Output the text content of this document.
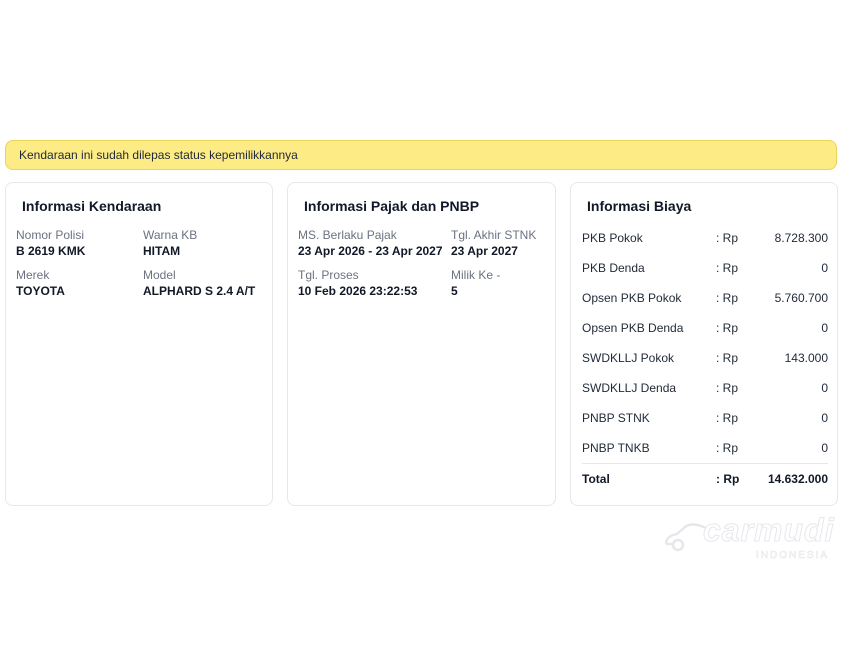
Kendaraan ini sudah dilepas status kepemilikkannya
Informasi Kendaraan
Nomor Polisi
B 2619 KMK
Warna KB
HITAM
Merek
TOYOTA
Model
ALPHARD S 2.4 A/T
Informasi Pajak dan PNBP
MS. Berlaku Pajak
23 Apr 2026 - 23 Apr 2027
Tgl. Akhir STNK
23 Apr 2027
Tgl. Proses
10 Feb 2026 23:22:53
Milik Ke -
5
Informasi Biaya
PKB Pokok	: Rp	8.728.300
PKB Denda	: Rp	0
Opsen PKB Pokok	: Rp	5.760.700
Opsen PKB Denda	: Rp	0
SWDKLLJ Pokok	: Rp	143.000
SWDKLLJ Denda	: Rp	0
PNBP STNK	: Rp	0
PNBP TNKB	: Rp	0
Total	: Rp 14.632.000
carmudi
INDONESIA
